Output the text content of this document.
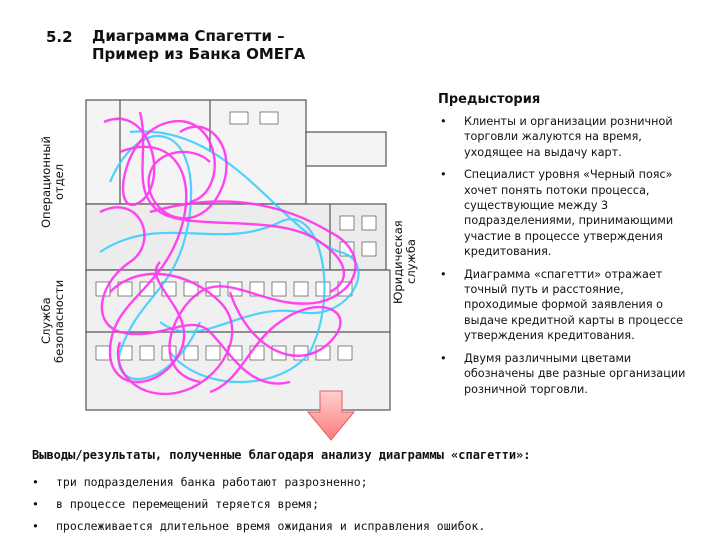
5.2 Диаграмма Спагетти –
Пример из Банка ОМЕГА
Операционный отдел
Служба безопасности
Юридическая служба
Предыстория
• Клиенты и организации розничной торговли жалуются на время, уходящее на выдачу карт.
• Специалист уровня «Черный пояс» хочет понять потоки процесса, существующие между 3 подразделениями, принимающими участие в процессе утверждения кредитования.
• Диаграмма «спагетти» отражает точный путь и расстояние, проходимые формой заявления о выдаче кредитной карты в процессе утверждения кредитования.
• Двумя различными цветами обозначены две разные организации розничной торговли.
Выводы/результаты, полученные благодаря анализу диаграммы «спагетти»:
• три подразделения банка работают разрозненно;
• в процессе перемещений теряется время;
• прослеживается длительное время ожидания и исправления ошибок.
